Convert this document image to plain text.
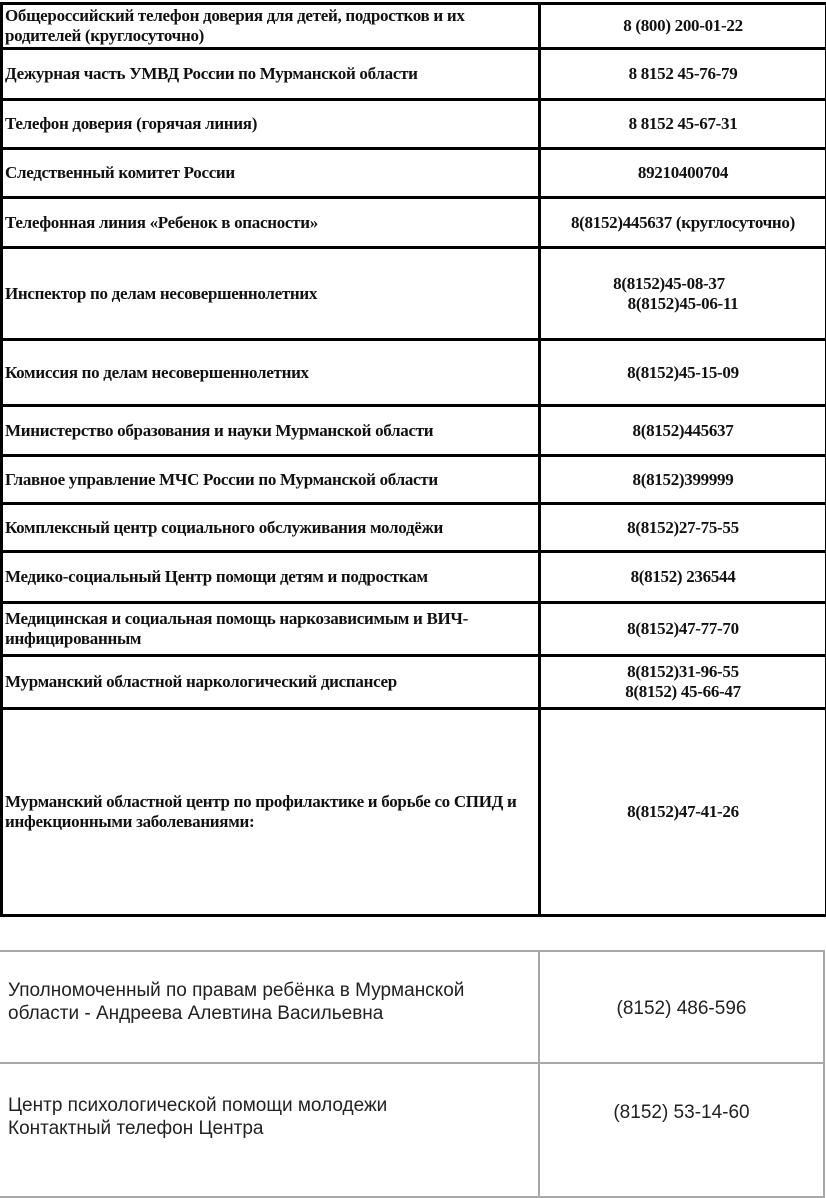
Общероссийский телефон доверия для детей, подростков и их родителей (круглосуточно)	8 (800) 200-01-22

Дежурная часть УМВД России по Мурманской области	8 8152 45-76-79

Телефон доверия (горячая линия)	8 8152 45-67-31

Следственный комитет России	89210400704

Телефонная линия «Ребенок в опасности»	8(8152)445637 (круглосуточно)

Инспектор по делам несовершеннолетних	8(8152)45-08-37
8(8152)45-06-11

Комиссия по делам несовершеннолетних	8(8152)45-15-09

Министерство образования и науки Мурманской области	8(8152)445637

Главное управление МЧС России по Мурманской области	8(8152)399999

Комплексный центр социального обслуживания молодёжи	8(8152)27-75-55

Медико-социальный Центр помощи детям и подросткам	8(8152) 236544

Медицинская и социальная помощь наркозависимым и ВИЧ-инфицированным	8(8152)47-77-70

Мурманский областной наркологический диспансер	8(8152)31-96-55
8(8152) 45-66-47

Мурманский областной центр по профилактике и борьбе со СПИД и инфекционными заболеваниями:	8(8152)47-41-26
Уполномоченный по правам ребёнка в Мурманской
области - Андреева Алевтина Васильевна	(8152) 486-596

Центр психологической помощи молодежи
Контактный телефон Центра	(8152) 53-14-60
